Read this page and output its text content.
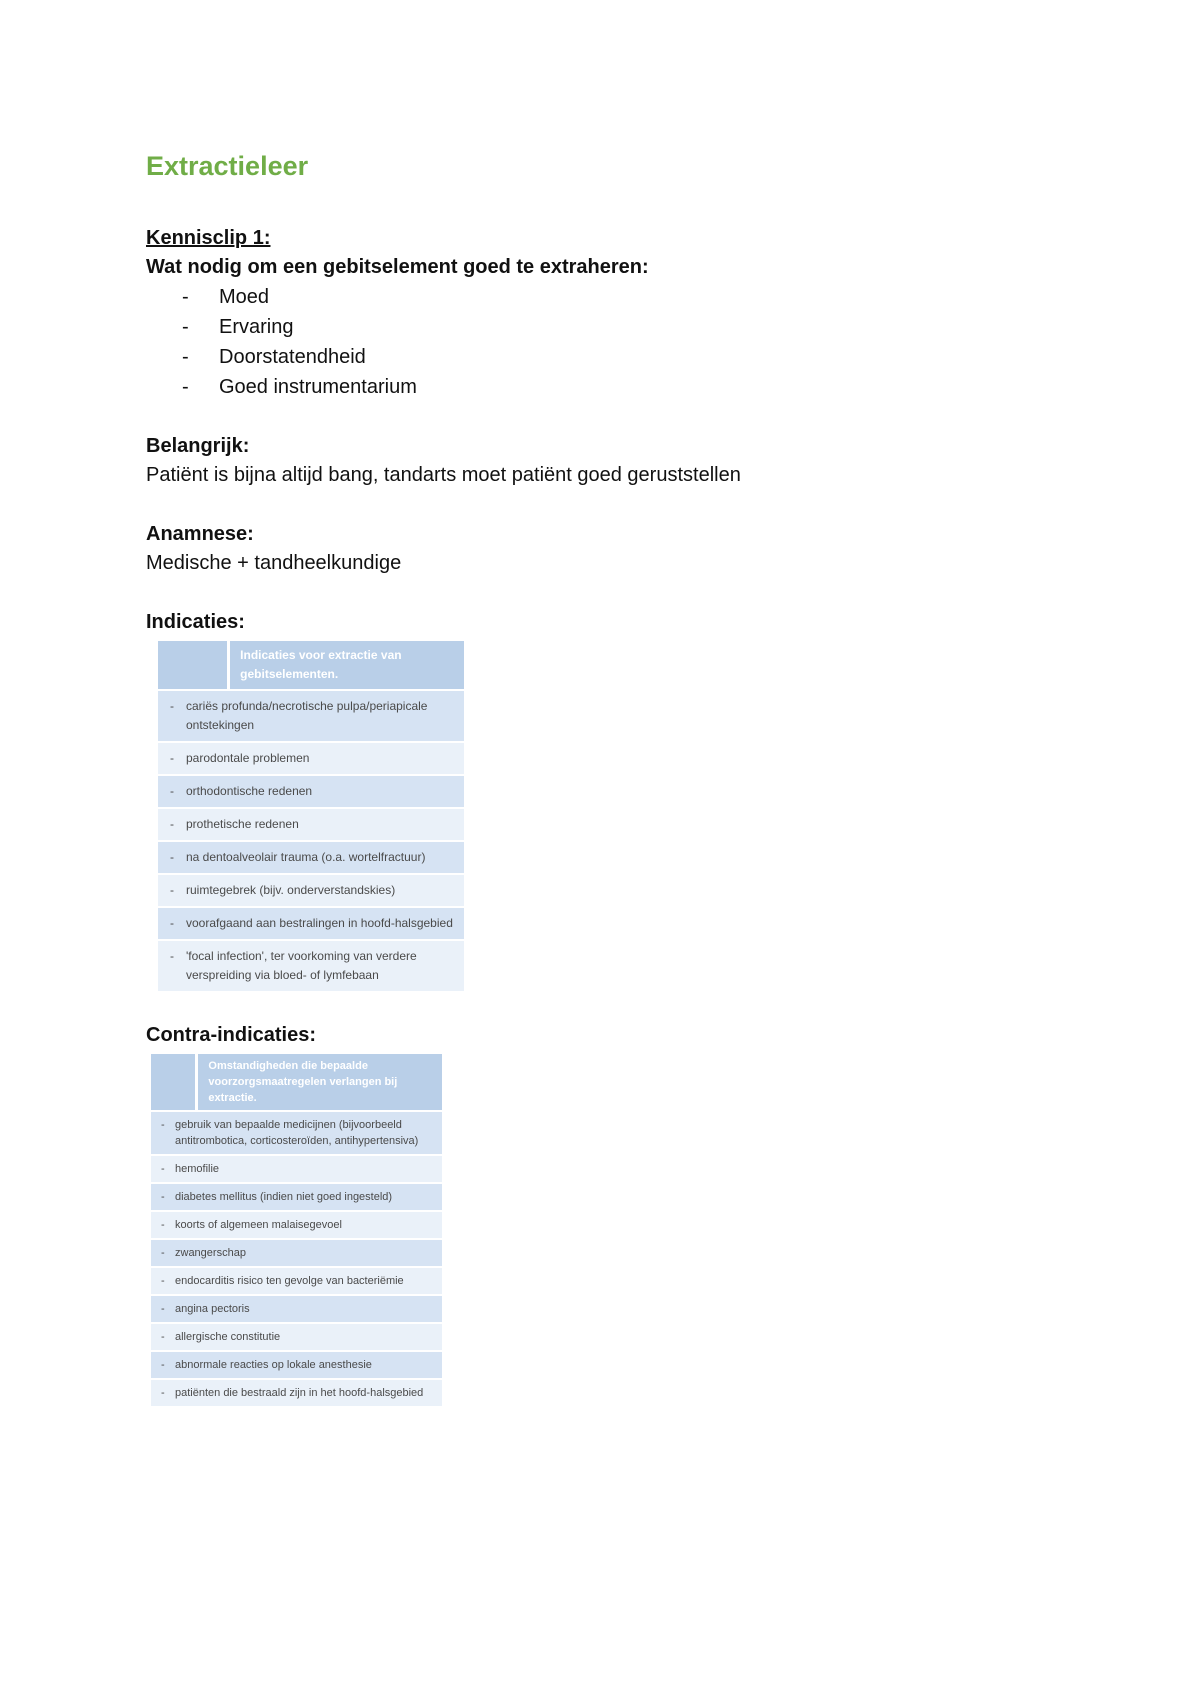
Extractieleer
Kennisclip 1:
Wat nodig om een gebitselement goed te extraheren:
- Moed
- Ervaring
- Doorstatendheid
- Goed instrumentarium
Belangrijk:
Patiënt is bijna altijd bang, tandarts moet patiënt goed geruststellen
Anamnese:
Medische + tandheelkundige
Indicaties:
Indicaties voor extractie van gebitselementen.
- cariës profunda/necrotische pulpa/periapicale ontstekingen
- parodontale problemen
- orthodontische redenen
- prothetische redenen
- na dentoalveolair trauma (o.a. wortelfractuur)
- ruimtegebrek (bijv. onderverstandskies)
- voorafgaand aan bestralingen in hoofd-halsgebied
- 'focal infection', ter voorkoming van verdere verspreiding via bloed- of lymfebaan
Contra-indicaties:
Omstandigheden die bepaalde voorzorgsmaatregelen verlangen bij extractie.
- gebruik van bepaalde medicijnen (bijvoorbeeld antitrombotica, corticosteroïden, antihypertensiva)
- hemofilie
- diabetes mellitus (indien niet goed ingesteld)
- koorts of algemeen malaisegevoel
- zwangerschap
- endocarditis risico ten gevolge van bacteriëmie
- angina pectoris
- allergische constitutie
- abnormale reacties op lokale anesthesie
- patiënten die bestraald zijn in het hoofd-halsgebied
